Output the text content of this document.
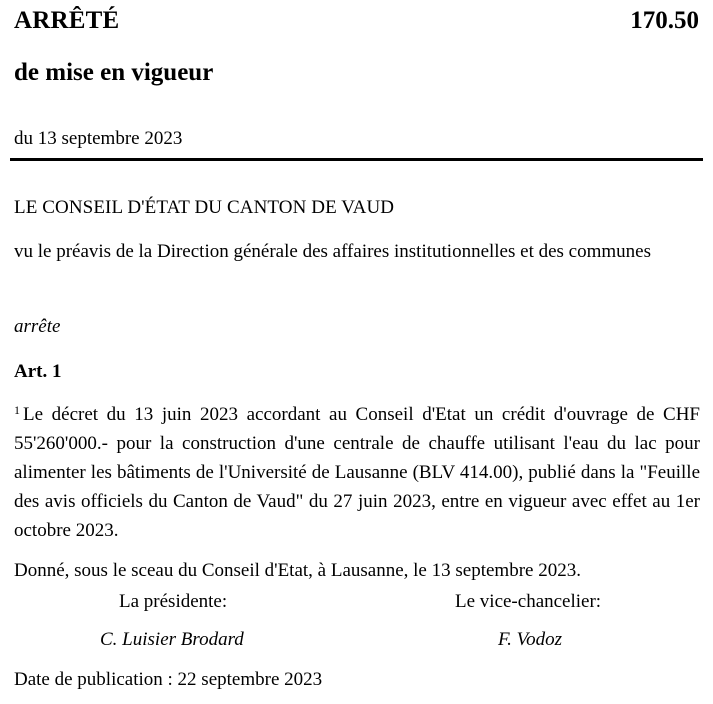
ARRÊTÉ	170.50
de mise en vigueur
du 13 septembre 2023
LE CONSEIL D'ÉTAT DU CANTON DE VAUD
vu le préavis de la Direction générale des affaires institutionnelles et des communes
arrête
Art. 1
$^1$ Le décret du 13 juin 2023 accordant au Conseil d'Etat un crédit d'ouvrage de CHF 55'260'000.- pour la construction d'une centrale de chauffe utilisant l'eau du lac pour alimenter les bâtiments de l'Université de Lausanne (BLV 414.00), publié dans la "Feuille des avis officiels du Canton de Vaud" du 27 juin 2023, entre en vigueur avec effet au 1er octobre 2023.
Donné, sous le sceau du Conseil d'Etat, à Lausanne, le 13 septembre 2023.
La présidente:	Le vice-chancelier:
C. Luisier Brodard	F. Vodoz
Date de publication : 22 septembre 2023
